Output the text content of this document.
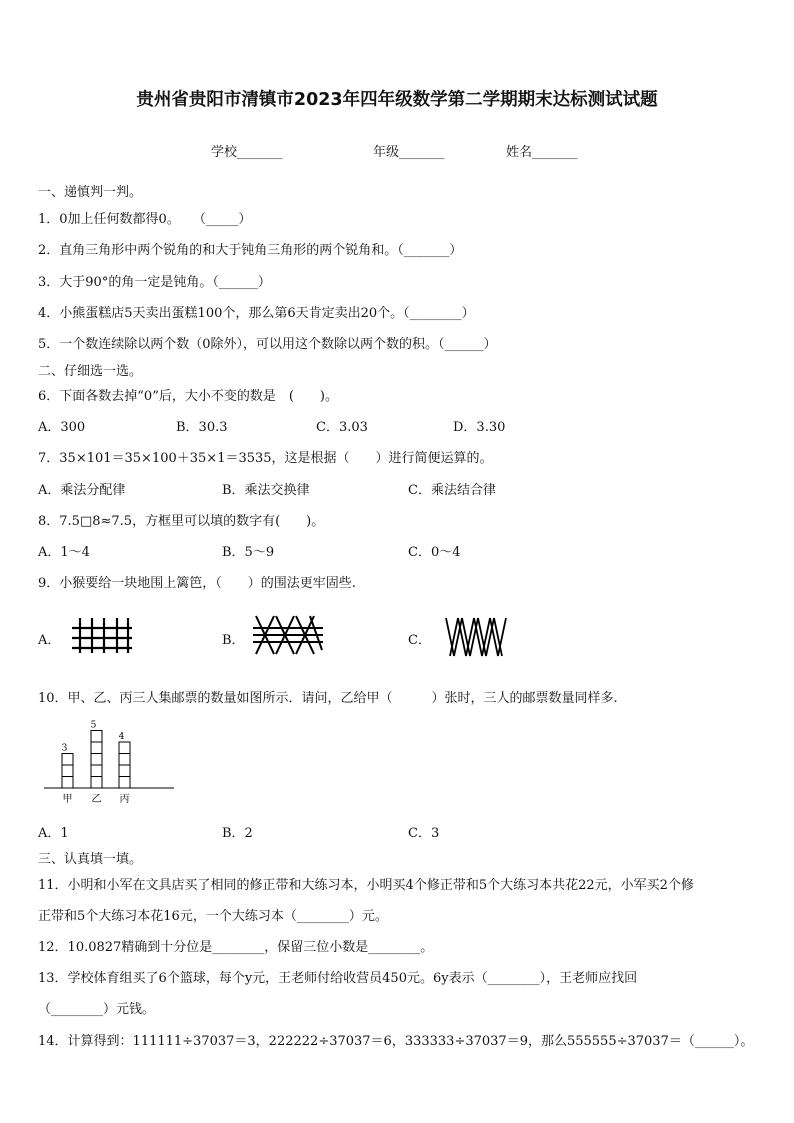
贵州省贵阳市清镇市2023年四年级数学第二学期期末达标测试试题
学校_______	年级_______	姓名_______
一、递慎判一判。
1．0加上任何数都得0。　　（_____）
2．直角三角形中两个锐角的和大于钝角三角形的两个锐角和。（_______）
3．大于90°的角一定是钝角。（______）
4．小熊蛋糕店5天卖出蛋糕100个，那么第6天肯定卖出20个。（________）
5．一个数连续除以两个数（0除外），可以用这个数除以两个数的积。（______）
二、仔细选一选。
6．下面各数去掉“0”后，大小不变的数是　(　　)。
A．300	B．30.3	C．3.03	D．3.30
7．35×101＝35×100＋35×1＝3535，这是根据（　　）进行简便运算的。
A．乘法分配律	B．乘法交换律	C．乘法结合律
8．7.5□8≈7.5，方框里可以填的数字有(　　)。
A．1～4	B．5～9	C．0～4
9．小猴要给一块地围上篱笆，（　　）的围法更牢固些.
A．	B．	C．
10．甲、乙、丙三人集邮票的数量如图所示．请问，乙给甲（　　　）张时，三人的邮票数量同样多.
3
甲
5
乙
4
丙
A．1	B．2	C．3
三、认真填一填。
11．小明和小军在文具店买了相同的修正带和大练习本，小明买4个修正带和5个大练习本共花22元，小军买2个修
正带和5个大练习本花16元，一个大练习本（________）元。
12．10.0827精确到十分位是________，保留三位小数是________。
13．学校体育组买了6个篮球，每个y元，王老师付给收营员450元。6y表示（________），王老师应找回
（________）元钱。
14．计算得到：111111÷37037＝3，222222÷37037＝6，333333÷37037＝9，那么555555÷37037＝（______）。
